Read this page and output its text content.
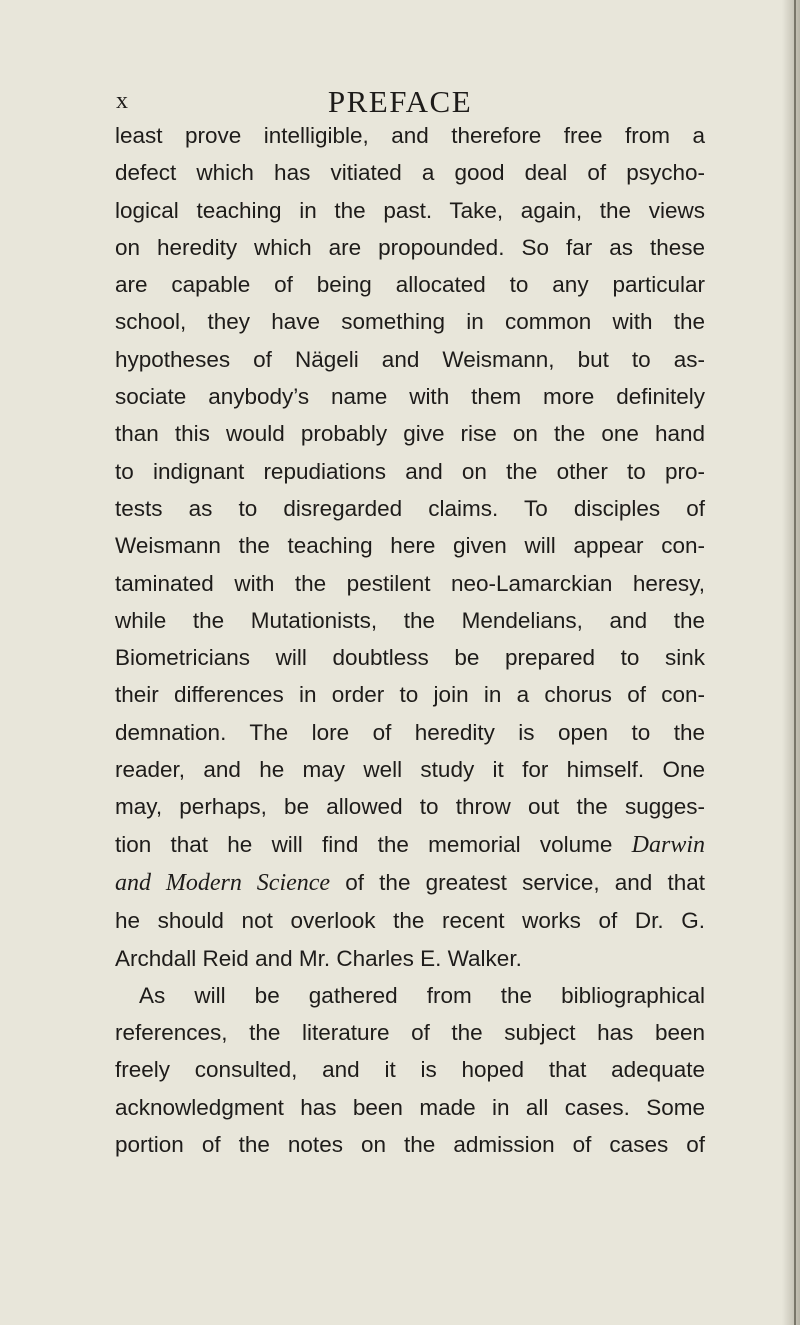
x	PREFACE
least prove intelligible, and therefore free from a
defect which has vitiated a good deal of psycho-
logical teaching in the past. Take, again, the views
on heredity which are propounded. So far as these
are capable of being allocated to any particular
school, they have something in common with the
hypotheses of Nägeli and Weismann, but to as-
sociate anybody’s name with them more definitely
than this would probably give rise on the one hand
to indignant repudiations and on the other to pro-
tests as to disregarded claims. To disciples of
Weismann the teaching here given will appear con-
taminated with the pestilent neo-Lamarckian heresy,
while the Mutationists, the Mendelians, and the
Biometricians will doubtless be prepared to sink
their differences in order to join in a chorus of con-
demnation. The lore of heredity is open to the
reader, and he may well study it for himself. One
may, perhaps, be allowed to throw out the sugges-
tion that he will find the memorial volume Darwin
and Modern Science of the greatest service, and that
he should not overlook the recent works of Dr. G.
Archdall Reid and Mr. Charles E. Walker.
As will be gathered from the bibliographical
references, the literature of the subject has been
freely consulted, and it is hoped that adequate
acknowledgment has been made in all cases. Some
portion of the notes on the admission of cases of
